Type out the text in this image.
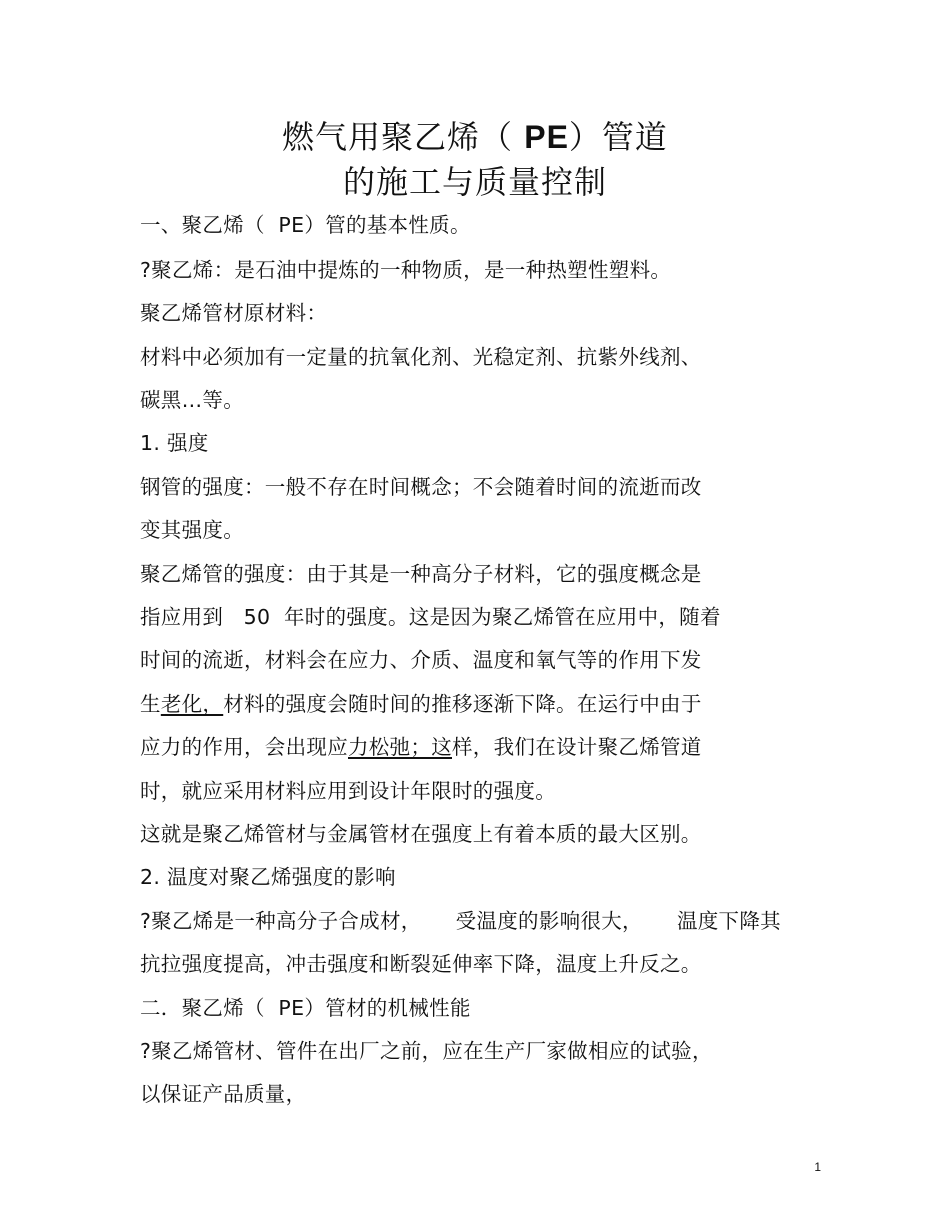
燃气用聚乙烯（ PE）管道
的施工与质量控制
一、聚乙烯（  PE）管的基本性质。
?聚乙烯：是石油中提炼的一种物质，是一种热塑性塑料。
聚乙烯管材原材料：
材料中必须加有一定量的抗氧化剂、光稳定剂、抗紫外线剂、
碳黑…等。
1. 强度
钢管的强度：一般不存在时间概念；不会随着时间的流逝而改
变其强度。
聚乙烯管的强度：由于其是一种高分子材料，它的强度概念是
指应用到   50  年时的强度。这是因为聚乙烯管在应用中，随着
时间的流逝，材料会在应力、介质、温度和氧气等的作用下发
生老化，材料的强度会随时间的推移逐渐下降。在运行中由于
应力的作用，会出现应力松弛；这样，我们在设计聚乙烯管道
时，就应采用材料应用到设计年限时的强度。
这就是聚乙烯管材与金属管材在强度上有着本质的最大区别。
2. 温度对聚乙烯强度的影响
?聚乙烯是一种高分子合成材，     受温度的影响很大，     温度下降其
抗拉强度提高，冲击强度和断裂延伸率下降，温度上升反之。
二．聚乙烯（  PE）管材的机械性能
?聚乙烯管材、管件在出厂之前，应在生产厂家做相应的试验，
以保证产品质量，
1
